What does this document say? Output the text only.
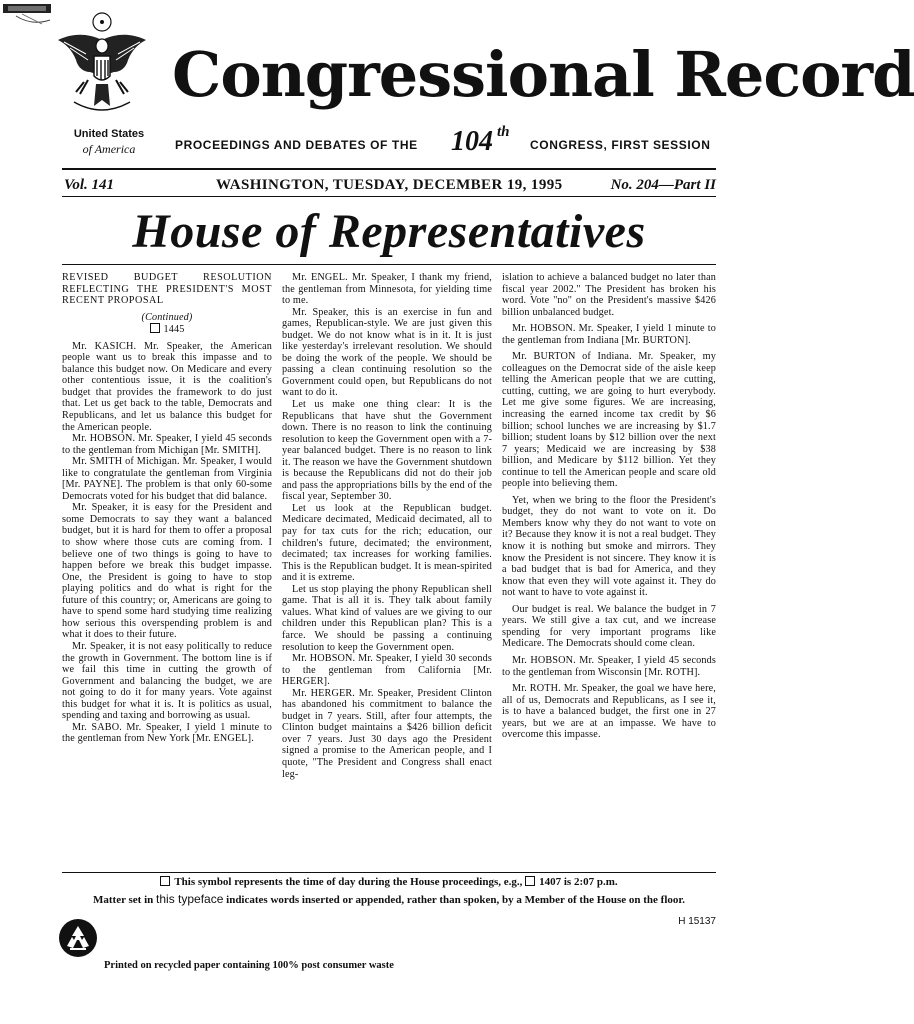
Congressional Record
United States
of America	PROCEEDINGS AND DEBATES OF THE 104 th
CONGRESS, FIRST SESSION
Vol. 141	WASHINGTON, TUESDAY, DECEMBER 19, 1995	No. 204—Part II
House of Representatives

REVISED BUDGET RESOLUTION REFLECTING THE PRESIDENT'S MOST RECENT PROPOSAL

(Continued)

1445

Mr. KASICH. Mr. Speaker, the American people want us to break this impasse and to balance this budget now. On Medicare and every other contentious issue, it is the coalition's budget that provides the framework to do just that. Let us get back to the table, Democrats and Republicans, and let us balance this budget for the American people.

Mr. HOBSON. Mr. Speaker, I yield 45 seconds to the gentleman from Michigan [Mr. SMITH].

Mr. SMITH of Michigan. Mr. Speaker, I would like to congratulate the gentleman from Virginia [Mr. PAYNE]. The problem is that only 60-some Democrats voted for his budget that did balance.

Mr. Speaker, it is easy for the President and some Democrats to say they want a balanced budget, but it is hard for them to offer a proposal to show where those cuts are coming from. I believe one of two things is going to have to happen before we break this budget impasse. One, the President is going to have to stop playing politics and do what is right for the future of this country; or, Americans are going to have to spend some hard studying time realizing how serious this overspending problem is and what it does to their future.

Mr. Speaker, it is not easy politically to reduce the growth in Government. The bottom line is if we fail this time in cutting the growth of Government and balancing the budget, we are not going to do it for many years. Vote against this budget for what it is. It is politics as usual, spending and taxing and borrowing as usual.

Mr. SABO. Mr. Speaker, I yield 1 minute to the gentleman from New York [Mr. ENGEL].

Mr. ENGEL. Mr. Speaker, I thank my friend, the gentleman from Minnesota, for yielding time to me.

Mr. Speaker, this is an exercise in fun and games, Republican-style. We are just given this budget. We do not know what is in it. It is just like yesterday's irrelevant resolution. We should be doing the work of the people. We should be passing a clean continuing resolution so the Government could open, but Republicans do not want to do it.

Let us make one thing clear: It is the Republicans that have shut the Government down. There is no reason to link the continuing resolution to keep the Government open with a 7-year balanced budget. There is no reason to link it. The reason we have the Government shutdown is because the Republicans did not do their job and pass the appropriations bills by the end of the fiscal year, September 30.

Let us look at the Republican budget. Medicare decimated, Medicaid decimated, all to pay for tax cuts for the rich; education, our children's future, decimated; the environment, decimated; tax increases for working families. This is the Republican budget. It is mean-spirited and it is extreme.

Let us stop playing the phony Republican shell game. That is all it is. They talk about family values. What kind of values are we giving to our children under this Republican plan? This is a farce. We should be passing a continuing resolution to keep the Government open.

Mr. HOBSON. Mr. Speaker, I yield 30 seconds to the gentleman from California [Mr. HERGER].

Mr. HERGER. Mr. Speaker, President Clinton has abandoned his commitment to balance the budget in 7 years. Still, after four attempts, the Clinton budget maintains a $426 billion deficit over 7 years. Just 30 days ago the President signed a promise to the American people, and I quote, ''The President and Congress shall enact leg-

islation to achieve a balanced budget no later than fiscal year 2002.'' The President has broken his word. Vote ''no'' on the President's massive $426 billion unbalanced budget.

Mr. HOBSON. Mr. Speaker, I yield 1 minute to the gentleman from Indiana [Mr. BURTON].

Mr. BURTON of Indiana. Mr. Speaker, my colleagues on the Democrat side of the aisle keep telling the American people that we are cutting, cutting, cutting, we are going to hurt everybody. Let me give some figures. We are increasing, increasing the earned income tax credit by $6 billion; school lunches we are increasing by $1.7 billion; student loans by $12 billion over the next 7 years; Medicaid we are increasing by $38 billion, and Medicare by $112 billion. Yet they continue to tell the American people and scare old people into believing them.

Yet, when we bring to the floor the President's budget, they do not want to vote on it. Do Members know why they do not want to vote on it? Because they know it is not a real budget. They know it is nothing but smoke and mirrors. They know the President is not sincere. They know it is a bad budget that is bad for America, and they know that even they will vote against it. They do not want to have to vote against it.

Our budget is real. We balance the budget in 7 years. We still give a tax cut, and we increase spending for very important programs like Medicare. The Democrats should come clean.

Mr. HOBSON. Mr. Speaker, I yield 45 seconds to the gentleman from Wisconsin [Mr. ROTH].

Mr. ROTH. Mr. Speaker, the goal we have here, all of us, Democrats and Republicans, as I see it, is to have a balanced budget, the first one in 27 years, but we are at an impasse. We have to overcome this impasse.

This symbol represents the time of day during the House proceedings, e.g., 1407 is 2:07 p.m.
Matter set in this typeface indicates words inserted or appended, rather than spoken, by a Member of the House on the floor.
H 15137
Printed on recycled paper containing 100% post consumer waste
